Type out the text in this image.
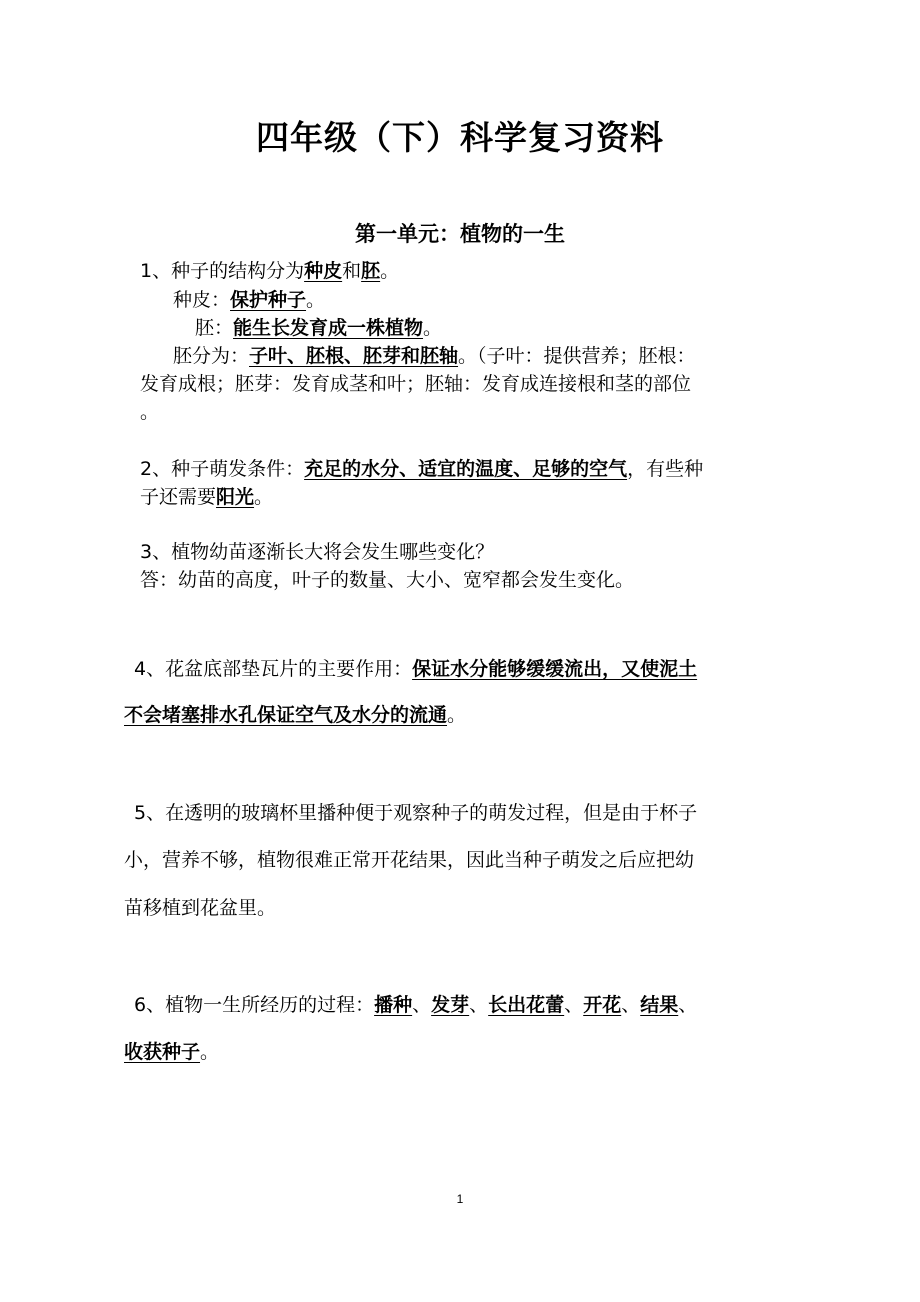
四年级（下）科学复习资料
第一单元：植物的一生
1、种子的结构分为种皮和胚。
种皮：保护种子。
胚：能生长发育成一株植物。
胚分为：子叶、胚根、胚芽和胚轴。（子叶：提供营养；胚根：
发育成根；胚芽：发育成茎和叶；胚轴：发育成连接根和茎的部位
。
2、种子萌发条件：充足的水分、适宜的温度、足够的空气，有些种
子还需要阳光。
3、植物幼苗逐渐长大将会发生哪些变化？
答：幼苗的高度，叶子的数量、大小、宽窄都会发生变化。
4、花盆底部垫瓦片的主要作用：保证水分能够缓缓流出，又使泥土
不会堵塞排水孔保证空气及水分的流通。
5、在透明的玻璃杯里播种便于观察种子的萌发过程，但是由于杯子
小，营养不够，植物很难正常开花结果，因此当种子萌发之后应把幼
苗移植到花盆里。
6、植物一生所经历的过程：播种、发芽、长出花蕾、开花、结果、
收获种子。
1
